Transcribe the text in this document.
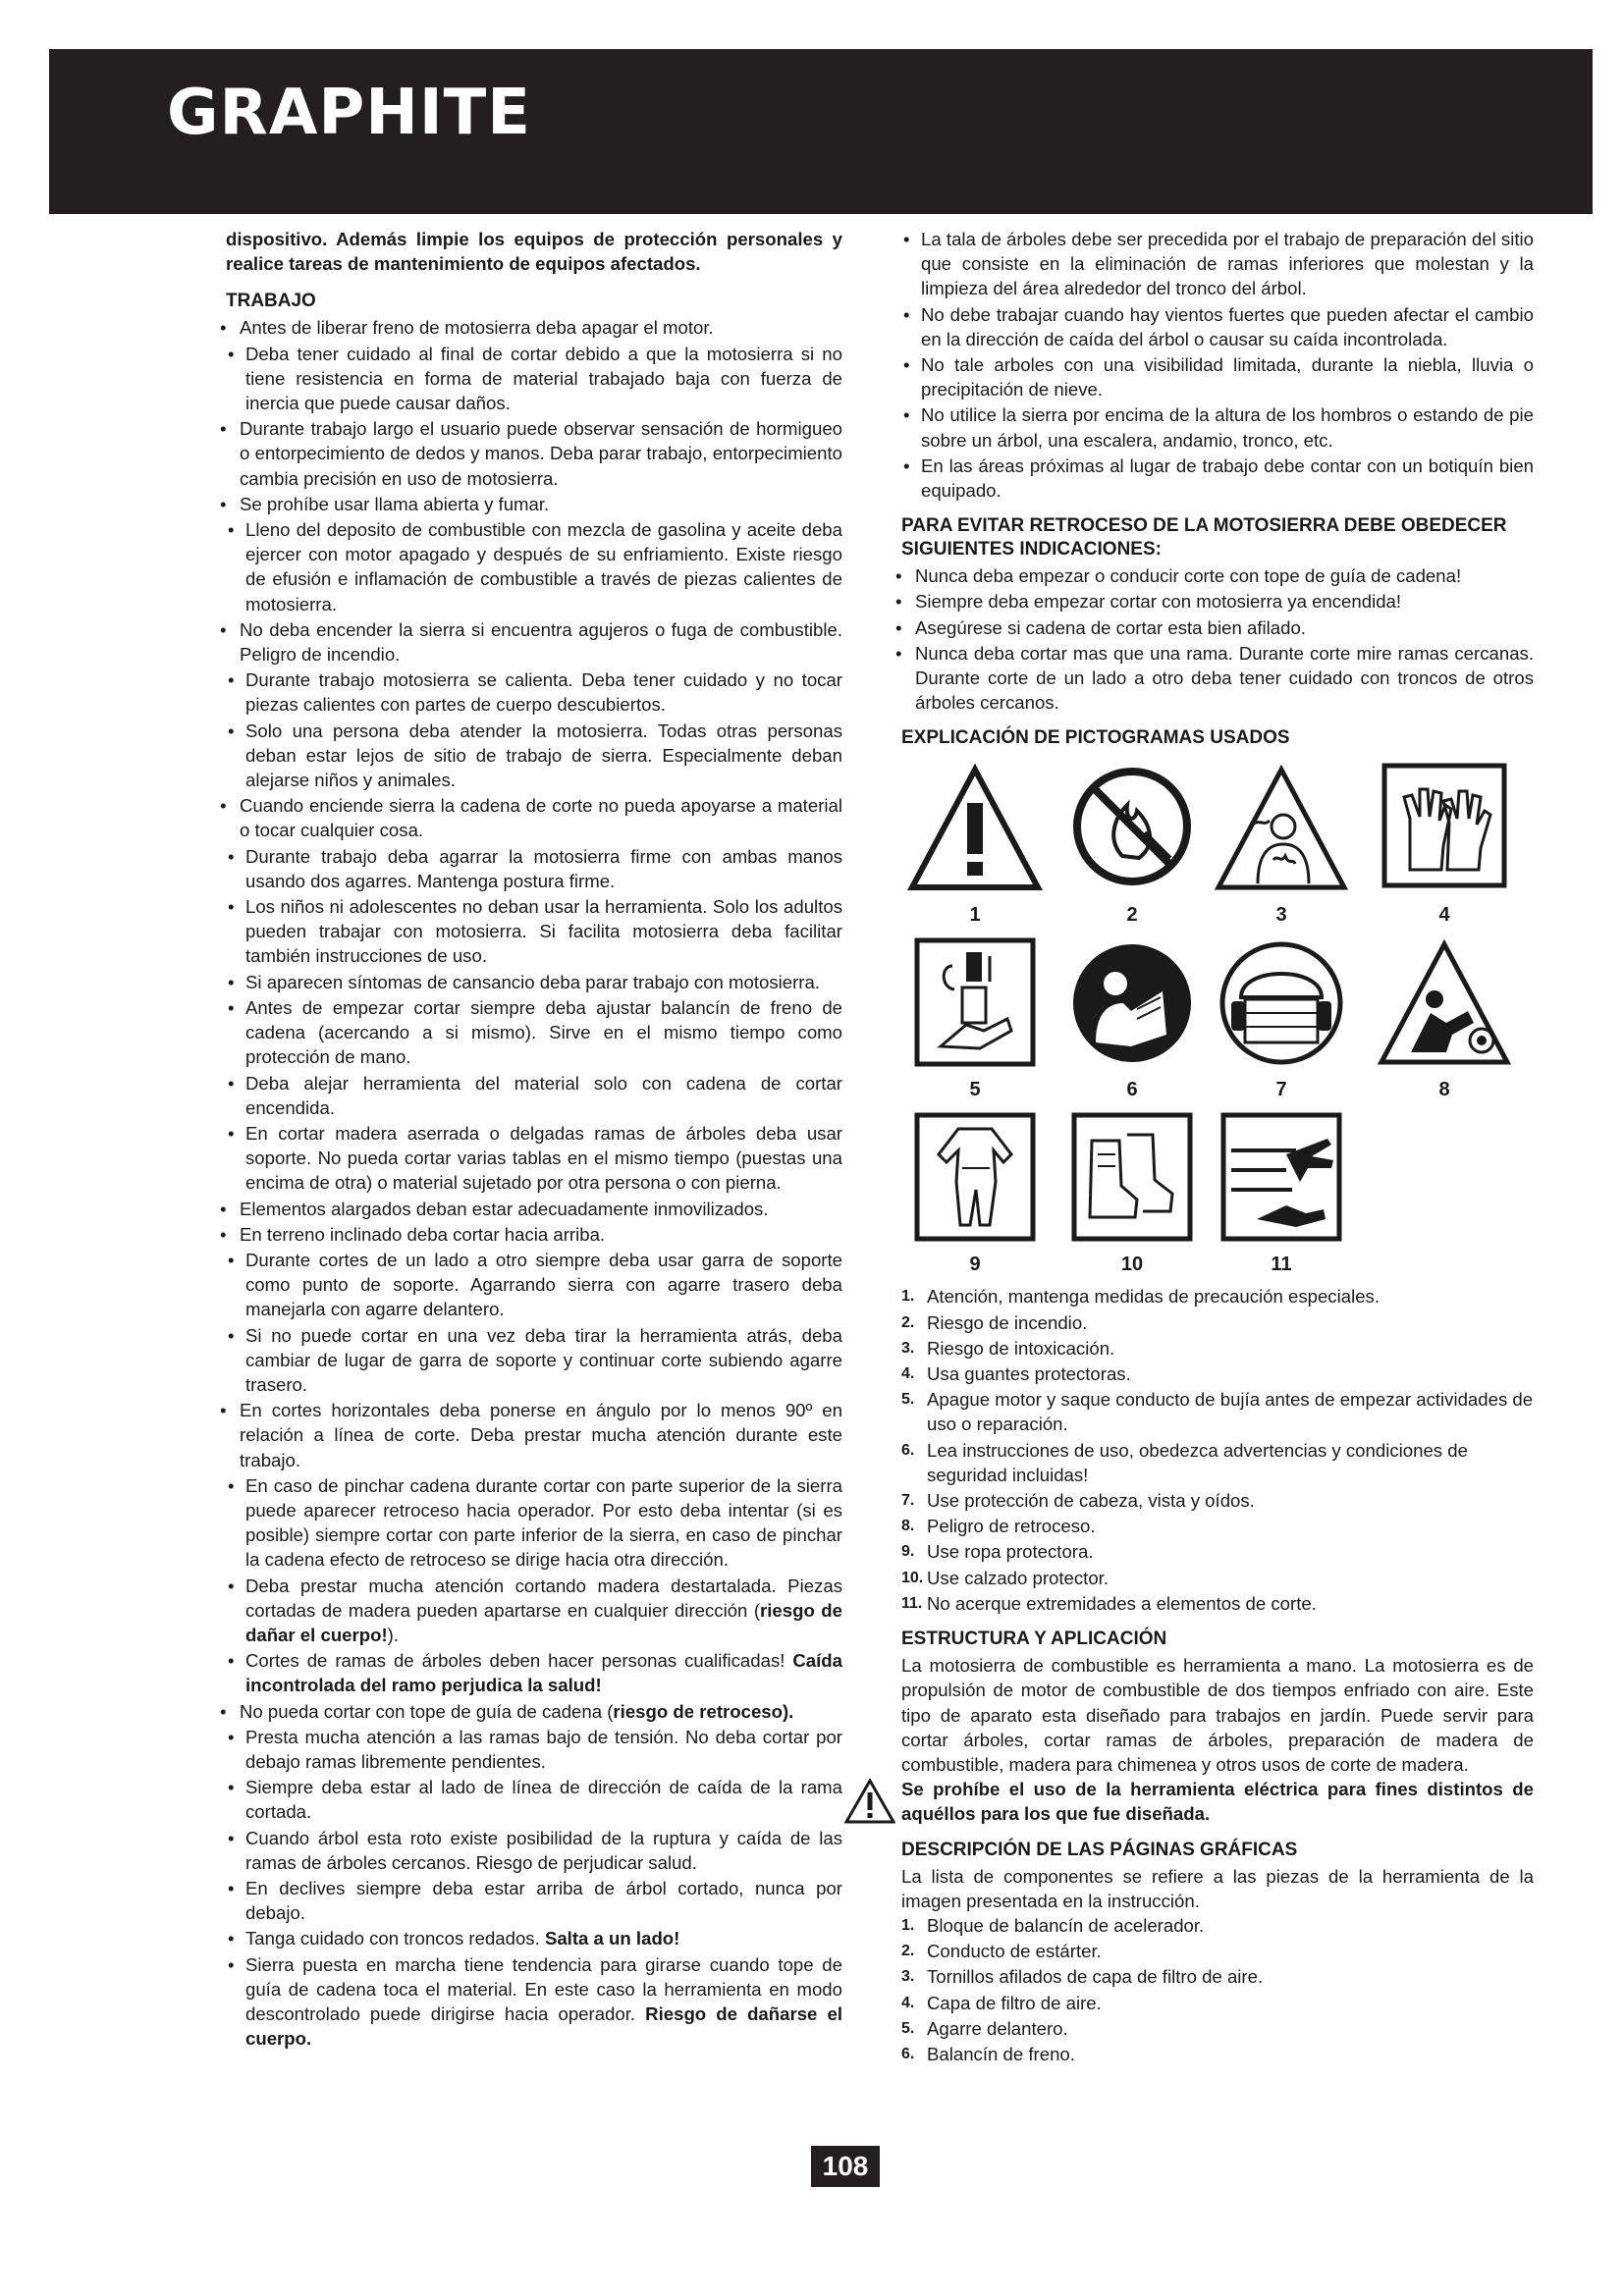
GRAPHITE

dispositivo. Además limpie los equipos de protección personales y realice tareas de mantenimiento de equipos afectados.

TRABAJO
• Antes de liberar freno de motosierra deba apagar el motor.
• Deba tener cuidado al final de cortar debido a que la motosierra si no tiene resistencia en forma de material trabajado baja con fuerza de inercia que puede causar daños.
• Durante trabajo largo el usuario puede observar sensación de hormigueo o entorpecimiento de dedos y manos. Deba parar trabajo, entorpecimiento cambia precisión en uso de motosierra.
• Se prohíbe usar llama abierta y fumar.
• Lleno del deposito de combustible con mezcla de gasolina y aceite deba ejercer con motor apagado y después de su enfriamiento. Existe riesgo de efusión e inflamación de combustible a través de piezas calientes de motosierra.
• No deba encender la sierra si encuentra agujeros o fuga de combustible. Peligro de incendio.
• Durante trabajo motosierra se calienta. Deba tener cuidado y no tocar piezas calientes con partes de cuerpo descubiertos.
• Solo una persona deba atender la motosierra. Todas otras personas deban estar lejos de sitio de trabajo de sierra. Especialmente deban alejarse niños y animales.
• Cuando enciende sierra la cadena de corte no pueda apoyarse a material o tocar cualquier cosa.
• Durante trabajo deba agarrar la motosierra firme con ambas manos usando dos agarres. Mantenga postura firme.
• Los niños ni adolescentes no deban usar la herramienta. Solo los adultos pueden trabajar con motosierra. Si facilita motosierra deba facilitar también instrucciones de uso.
• Si aparecen síntomas de cansancio deba parar trabajo con motosierra.
• Antes de empezar cortar siempre deba ajustar balancín de freno de cadena (acercando a si mismo). Sirve en el mismo tiempo como protección de mano.
• Deba alejar herramienta del material solo con cadena de cortar encendida.
• En cortar madera aserrada o delgadas ramas de árboles deba usar soporte. No pueda cortar varias tablas en el mismo tiempo (puestas una encima de otra) o material sujetado por otra persona o con pierna.
• Elementos alargados deban estar adecuadamente inmovilizados.
• En terreno inclinado deba cortar hacia arriba.
• Durante cortes de un lado a otro siempre deba usar garra de soporte como punto de soporte. Agarrando sierra con agarre trasero deba manejarla con agarre delantero.
• Si no puede cortar en una vez deba tirar la herramienta atrás, deba cambiar de lugar de garra de soporte y continuar corte subiendo agarre trasero.
• En cortes horizontales deba ponerse en ángulo por lo menos 90º en relación a línea de corte. Deba prestar mucha atención durante este trabajo.
• En caso de pinchar cadena durante cortar con parte superior de la sierra puede aparecer retroceso hacia operador. Por esto deba intentar (si es posible) siempre cortar con parte inferior de la sierra, en caso de pinchar la cadena efecto de retroceso se dirige hacia otra dirección.
• Deba prestar mucha atención cortando madera destartalada. Piezas cortadas de madera pueden apartarse en cualquier dirección (riesgo de dañar el cuerpo!).
• Cortes de ramas de árboles deben hacer personas cualificadas! Caída incontrolada del ramo perjudica la salud!
• No pueda cortar con tope de guía de cadena (riesgo de retroceso).
• Presta mucha atención a las ramas bajo de tensión. No deba cortar por debajo ramas libremente pendientes.
• Siempre deba estar al lado de línea de dirección de caída de la rama cortada.
• Cuando árbol esta roto existe posibilidad de la ruptura y caída de las ramas de árboles cercanos. Riesgo de perjudicar salud.
• En declives siempre deba estar arriba de árbol cortado, nunca por debajo.
• Tanga cuidado con troncos redados. Salta a un lado!
• Sierra puesta en marcha tiene tendencia para girarse cuando tope de guía de cadena toca el material. En este caso la herramienta en modo descontrolado puede dirigirse hacia operador. Riesgo de dañarse el cuerpo.
• La tala de árboles debe ser precedida por el trabajo de preparación del sitio que consiste en la eliminación de ramas inferiores que molestan y la limpieza del área alrededor del tronco del árbol.
• No debe trabajar cuando hay vientos fuertes que pueden afectar el cambio en la dirección de caída del árbol o causar su caída incontrolada.
• No tale arboles con una visibilidad limitada, durante la niebla, lluvia o precipitación de nieve.
• No utilice la sierra por encima de la altura de los hombros o estando de pie sobre un árbol, una escalera, andamio, tronco, etc.
• En las áreas próximas al lugar de trabajo debe contar con un botiquín bien equipado.
PARA EVITAR RETROCESO DE LA MOTOSIERRA DEBE OBEDECER SIGUIENTES INDICACIONES:
• Nunca deba empezar o conducir corte con tope de guía de cadena!
• Siempre deba empezar cortar con motosierra ya encendida!
• Asegúrese si cadena de cortar esta bien afilado.
• Nunca deba cortar mas que una rama. Durante corte mire ramas cercanas. Durante corte de un lado a otro deba tener cuidado con troncos de otros árboles cercanos.
EXPLICACIÓN DE PICTOGRAMAS USADOS
1	2	3	4
5	6	7	8
9	10	11
1. Atención, mantenga medidas de precaución especiales.
2. Riesgo de incendio.
3. Riesgo de intoxicación.
4. Usa guantes protectoras.
5. Apague motor y saque conducto de bujía antes de empezar actividades de uso o reparación.
6. Lea instrucciones de uso, obedezca advertencias y condiciones de seguridad incluidas!
7. Use protección de cabeza, vista y oídos.
8. Peligro de retroceso.
9. Use ropa protectora.
10. Use calzado protector.
11. No acerque extremidades a elementos de corte.
ESTRUCTURA Y APLICACIÓN

La motosierra de combustible es herramienta a mano. La motosierra es de propulsión de motor de combustible de dos tiempos enfriado con aire. Este tipo de aparato esta diseñado para trabajos en jardín. Puede servir para cortar árboles, cortar ramas de árboles, preparación de madera de combustible, madera para chimenea y otros usos de corte de madera.

Se prohíbe el uso de la herramienta eléctrica para fines distintos de aquéllos para los que fue diseñada.

DESCRIPCIÓN DE LAS PÁGINAS GRÁFICAS

La lista de componentes se refiere a las piezas de la herramienta de la imagen presentada en la instrucción.

1. Bloque de balancín de acelerador.
2. Conducto de estárter.
3. Tornillos afilados de capa de filtro de aire.
4. Capa de filtro de aire.
5. Agarre delantero.
6. Balancín de freno.
108
